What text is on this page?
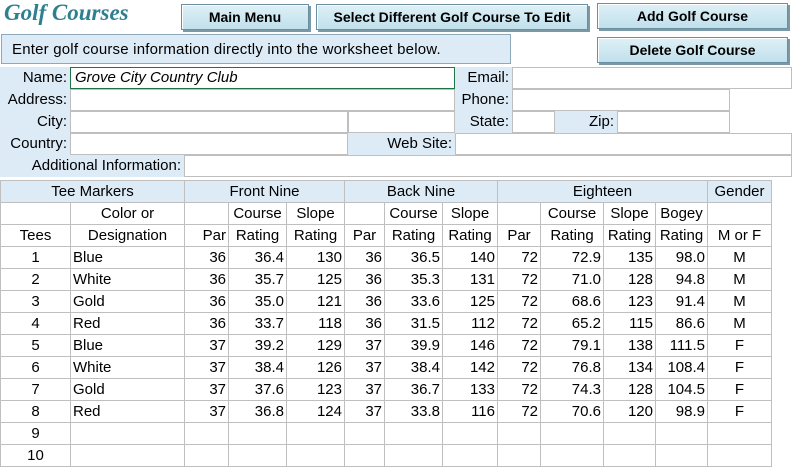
Golf Courses	Main Menu	Select Different Golf Course To Edit	Add Golf Course
Delete Golf Course
Enter golf course information directly into the worksheet below.
Name: Grove City Country Club	Email:
Address:	Phone:
City:	State:	Zip:
Country:	Web Site:
Additional Information:
Tee Markers		Front Nine			Back Nine			Eighteen				Gender
	Color or		Course	Slope		Course	Slope		Course	Slope	Bogey	
Tees	Designation	Par	Rating	Rating	Par	Rating	Rating	Par	Rating	Rating	Rating	M or F
1	Blue	36	36.4	130	36	36.5	140	72	72.9	135	98.0	M
2	White	36	35.7	125	36	35.3	131	72	71.0	128	94.8	M
3	Gold	36	35.0	121	36	33.6	125	72	68.6	123	91.4	M
4	Red	36	33.7	118	36	31.5	112	72	65.2	115	86.6	M
5	Blue	37	39.2	129	37	39.9	146	72	79.1	138	111.5	F
6	White	37	38.4	126	37	38.4	142	72	76.8	134	108.4	F
7	Gold	37	37.6	123	37	36.7	133	72	74.3	128	104.5	F
8	Red	37	36.8	124	37	33.8	116	72	70.6	120	98.9	F
9												
10												
